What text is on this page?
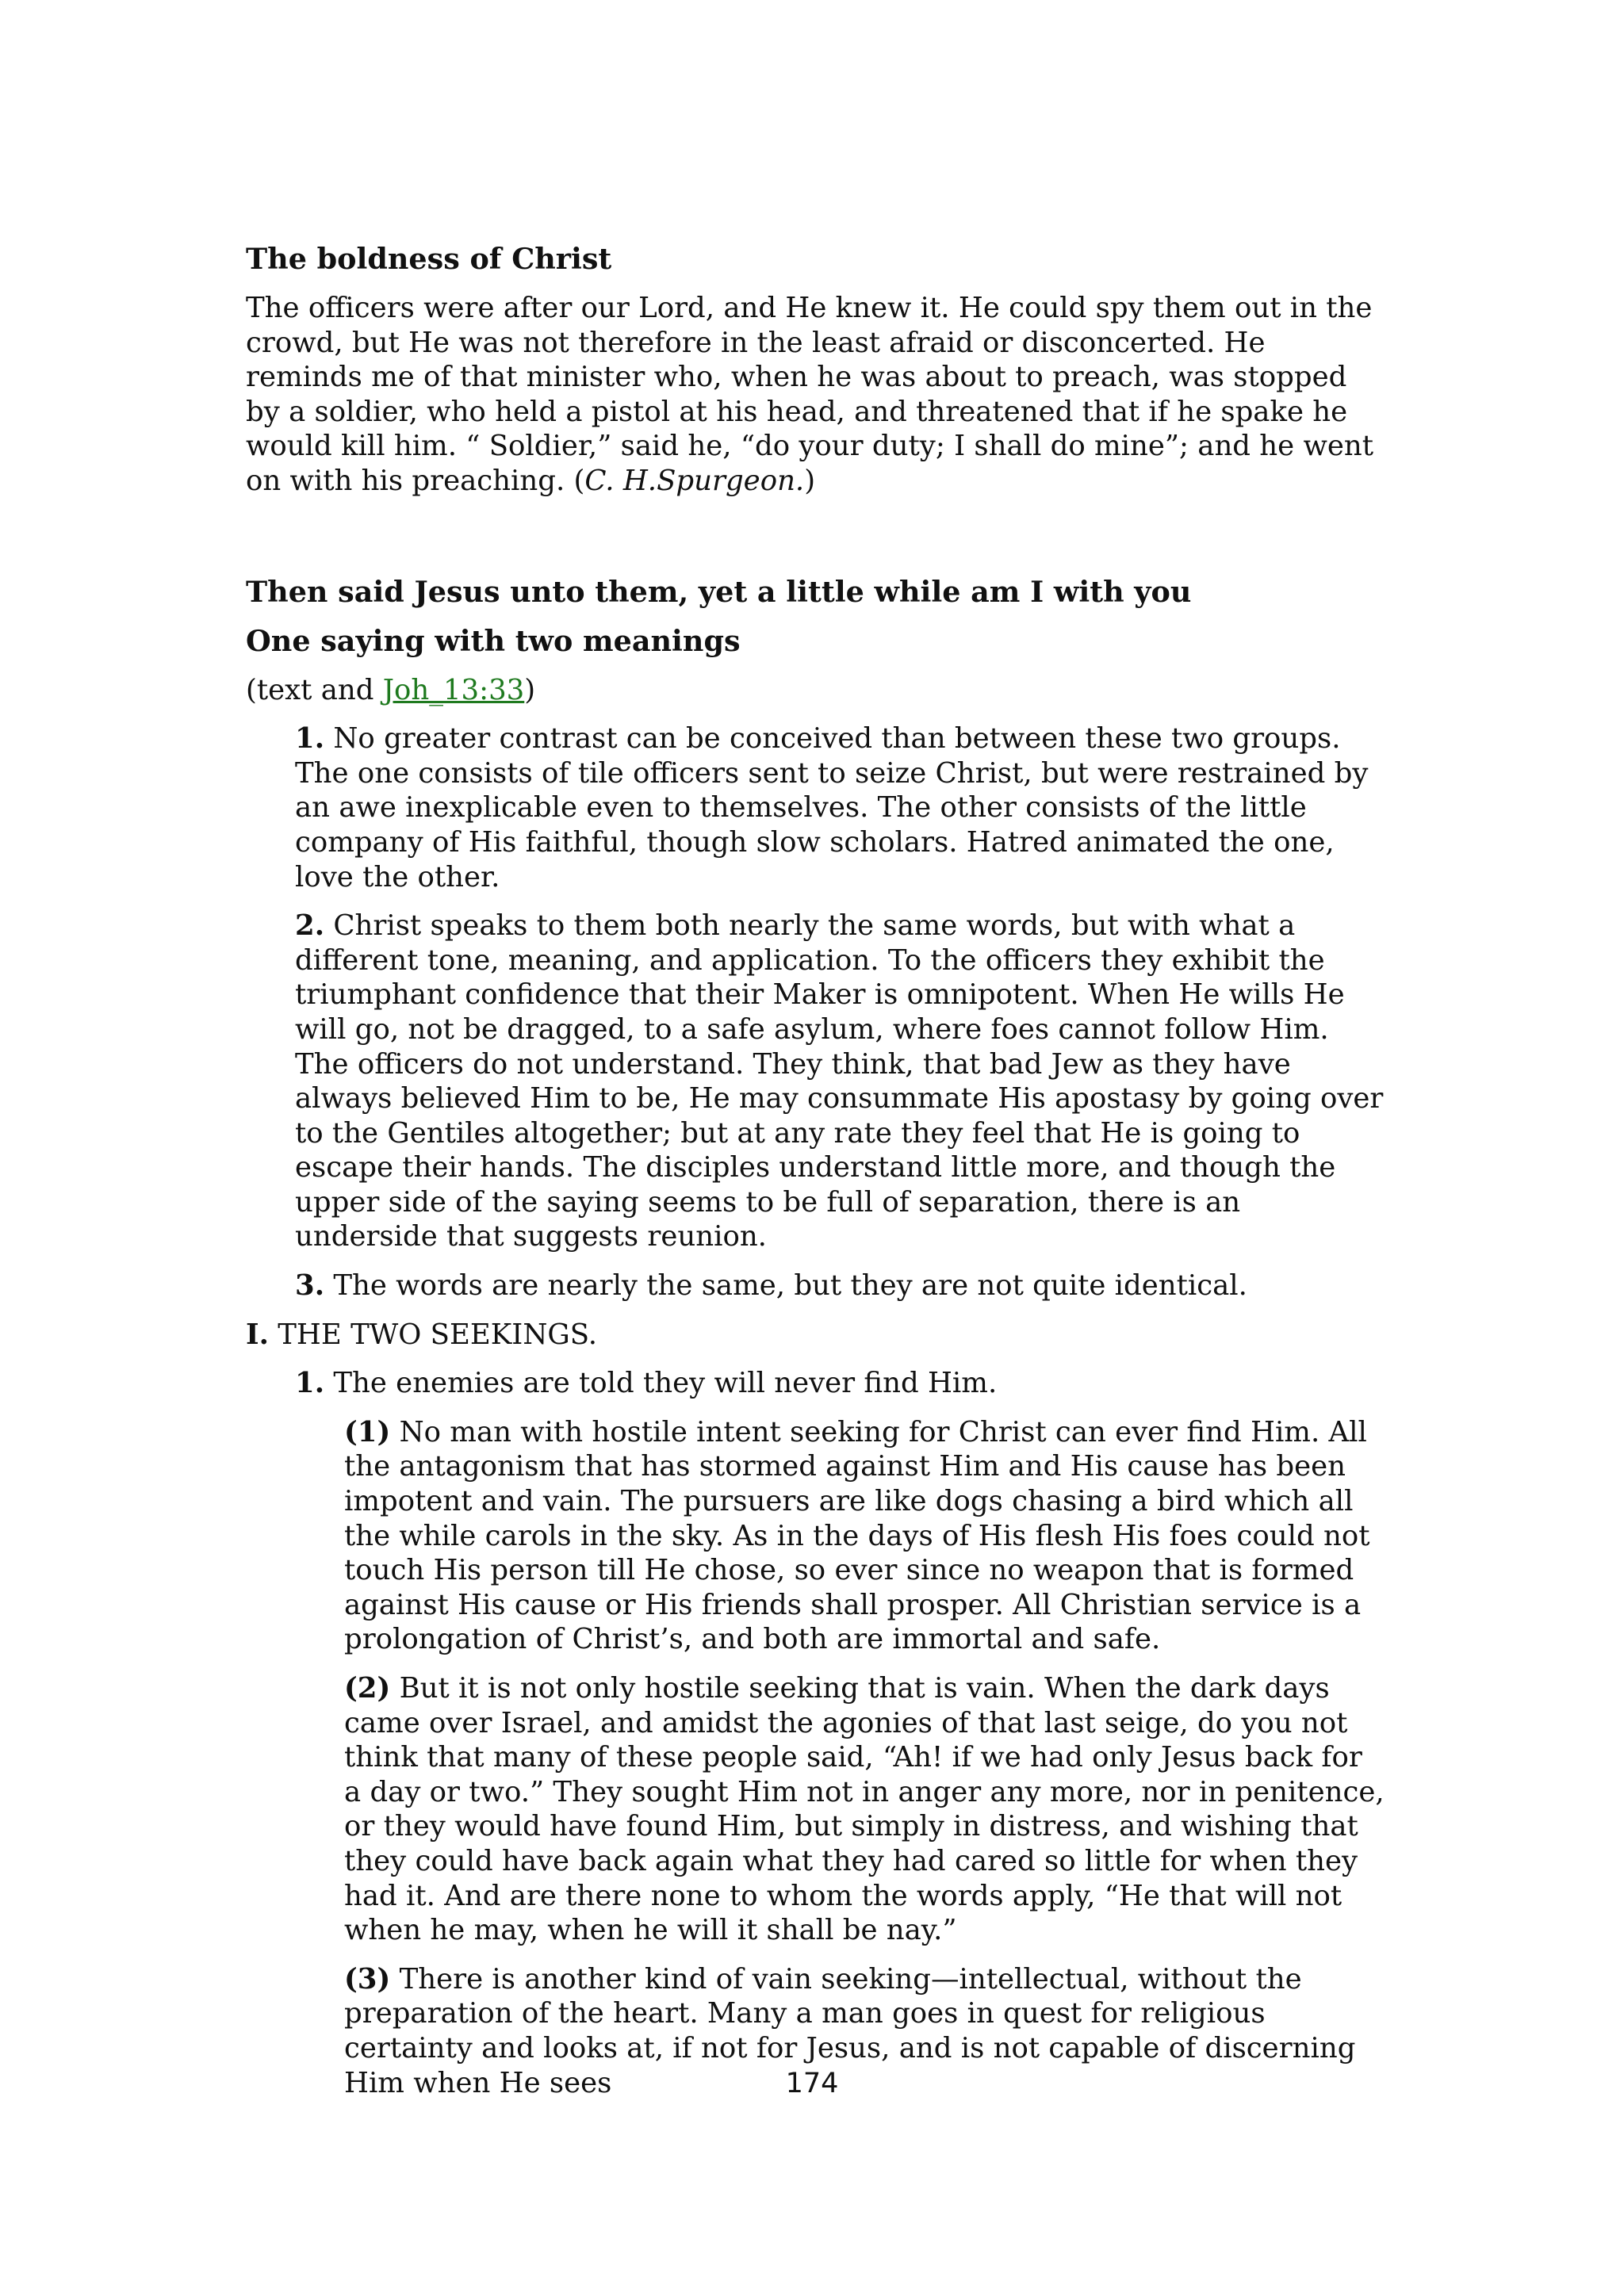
The boldness of Christ

The officers were after our Lord, and He knew it. He could spy them out in the crowd, but He was not therefore in the least afraid or disconcerted. He reminds me of that minister who, when he was about to preach, was stopped by a soldier, who held a pistol at his head, and threatened that if he spake he would kill him. “ Soldier,” said he, “do your duty; I shall do mine”; and he went on with his preaching. (C. H.Spurgeon.)

Then said Jesus unto them, yet a little while am I with you
One saying with two meanings

(text and Joh_13:33)

1. No greater contrast can be conceived than between these two groups. The one consists of tile officers sent to seize Christ, but were restrained by an awe inexplicable even to themselves. The other consists of the little company of His faithful, though slow scholars. Hatred animated the one, love the other.

2. Christ speaks to them both nearly the same words, but with what a different tone, meaning, and application. To the officers they exhibit the triumphant confidence that their Maker is omnipotent. When He wills He will go, not be dragged, to a safe asylum, where foes cannot follow Him. The officers do not understand. They think, that bad Jew as they have always believed Him to be, He may consummate His apostasy by going over to the Gentiles altogether; but at any rate they feel that He is going to escape their hands. The disciples understand little more, and though the upper side of the saying seems to be full of separation, there is an underside that suggests reunion.

3. The words are nearly the same, but they are not quite identical.

I. THE TWO SEEKINGS.

1. The enemies are told they will never find Him.

(1) No man with hostile intent seeking for Christ can ever find Him. All the antagonism that has stormed against Him and His cause has been impotent and vain. The pursuers are like dogs chasing a bird which all the while carols in the sky. As in the days of His flesh His foes could not touch His person till He chose, so ever since no weapon that is formed against His cause or His friends shall prosper. All Christian service is a prolongation of Christ’s, and both are immortal and safe.

(2) But it is not only hostile seeking that is vain. When the dark days came over Israel, and amidst the agonies of that last seige, do you not think that many of these people said, “Ah! if we had only Jesus back for a day or two.” They sought Him not in anger any more, nor in penitence, or they would have found Him, but simply in distress, and wishing that they could have back again what they had cared so little for when they had it. And are there none to whom the words apply, “He that will not when he may, when he will it shall be nay.”

(3) There is another kind of vain seeking—intellectual, without the preparation of the heart. Many a man goes in quest for religious certainty and looks at, if not for Jesus, and is not capable of discerning Him when He sees	174
